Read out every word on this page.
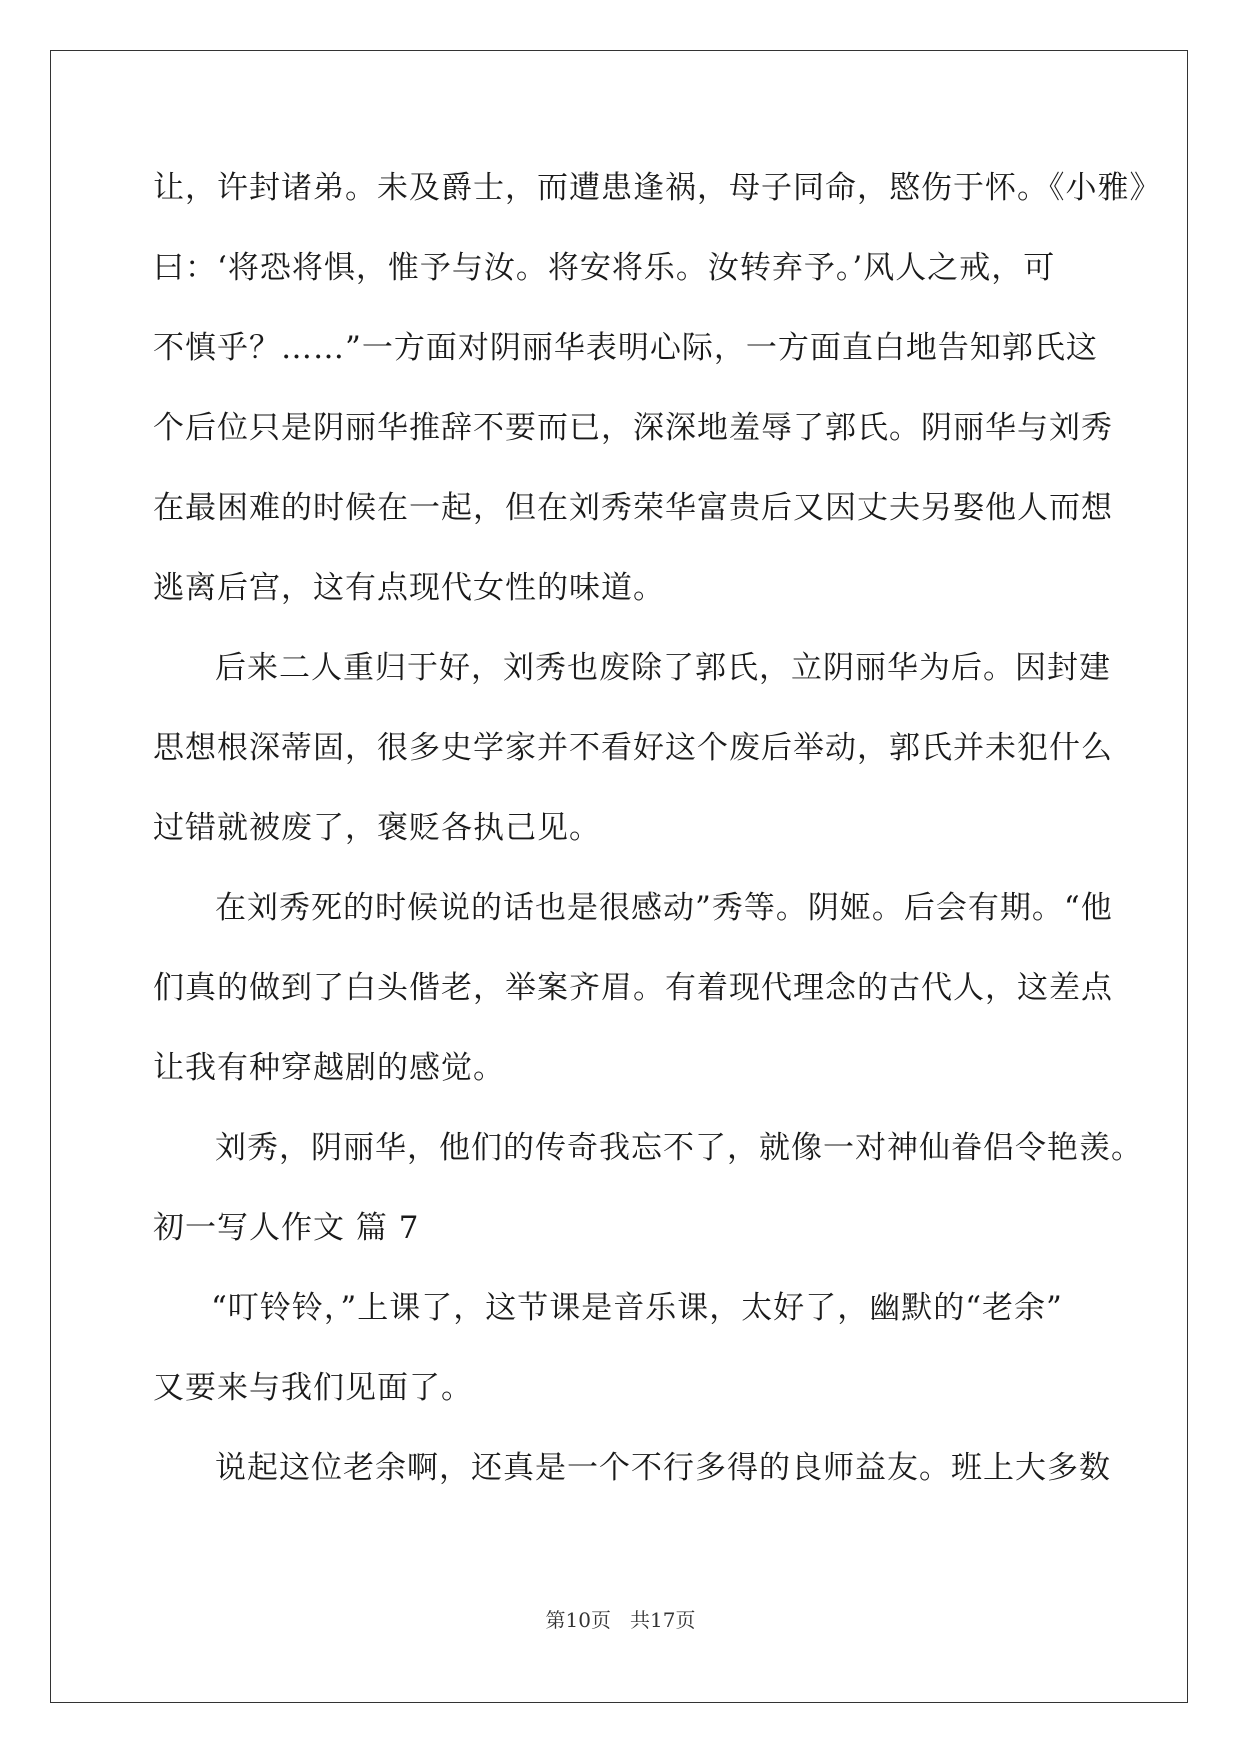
让，许封诸弟。未及爵士，而遭患逢祸，母子同命，愍伤于怀。《小雅》
曰：‘将恐将惧，惟予与汝。将安将乐。汝转弃予。’风人之戒，可
不慎乎？……”一方面对阴丽华表明心际，一方面直白地告知郭氏这
个后位只是阴丽华推辞不要而已，深深地羞辱了郭氏。阴丽华与刘秀
在最困难的时候在一起，但在刘秀荣华富贵后又因丈夫另娶他人而想
逃离后宫，这有点现代女性的味道。
后来二人重归于好，刘秀也废除了郭氏，立阴丽华为后。因封建
思想根深蒂固，很多史学家并不看好这个废后举动，郭氏并未犯什么
过错就被废了，褒贬各执己见。
在刘秀死的时候说的话也是很感动”秀等。阴姬。后会有期。“他
们真的做到了白头偕老，举案齐眉。有着现代理念的古代人，这差点
让我有种穿越剧的感觉。
刘秀，阴丽华，他们的传奇我忘不了，就像一对神仙眷侣令艳羡。
初一写人作文 篇 7
“叮铃铃，”上课了，这节课是音乐课，太好了，幽默的“老余”
又要来与我们见面了。
说起这位老余啊，还真是一个不行多得的良师益友。班上大多数
第10页 共17页
